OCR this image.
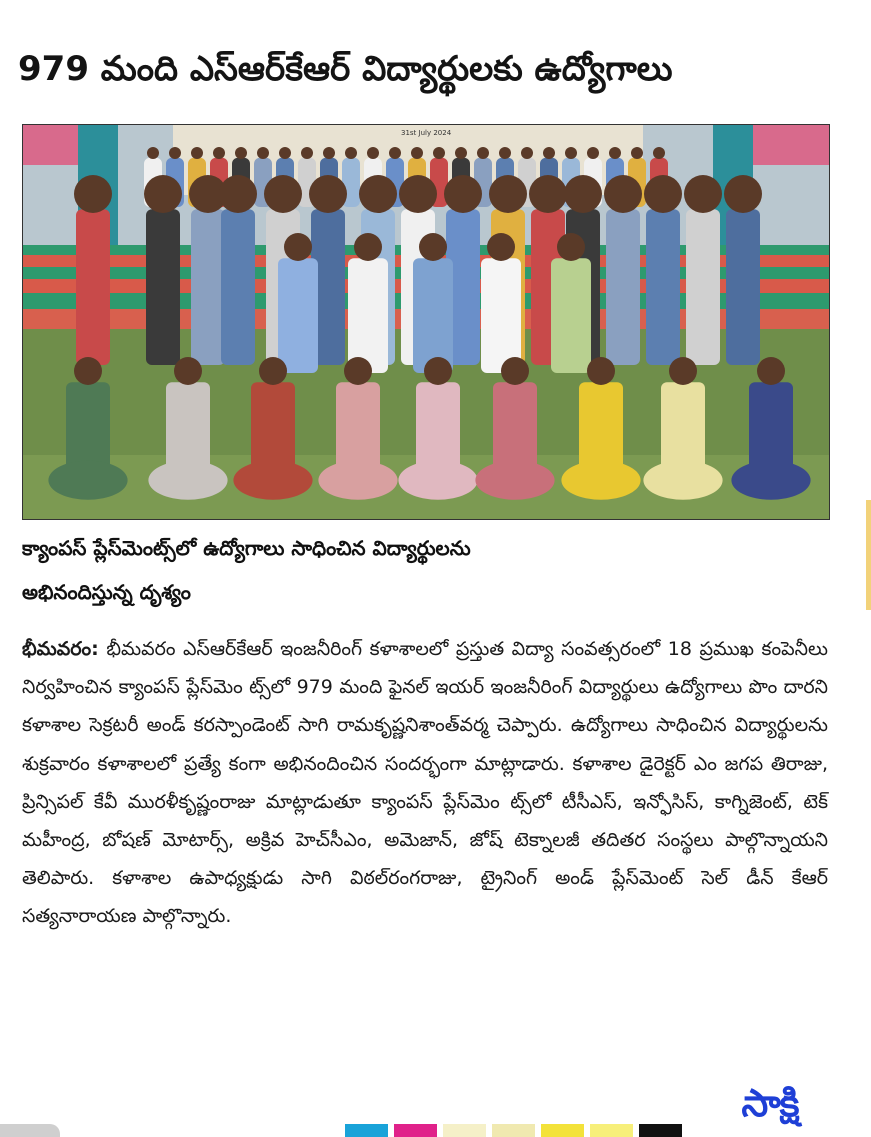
979 మంది ఎస్‌ఆర్‌కేఆర్ విద్యార్థులకు ఉద్యోగాలు
31st July 2024
క్యాంపస్ ప్లేస్‌మెంట్స్‌లో ఉద్యోగాలు సాధించిన విద్యార్థులను
అభినందిస్తున్న దృశ్యం

భీమవరం: భీమవరం ఎస్‌ఆర్‌కేఆర్ ఇంజనీరింగ్ కళాశాలలో ప్రస్తుత విద్యా సంవత్సరంలో 18 ప్రముఖ కంపెనీలు నిర్వహించిన క్యాంపస్ ప్లేస్‌మెం ట్స్‌లో 979 మంది ఫైనల్ ఇయర్ ఇంజనీరింగ్ విద్యార్థులు ఉద్యోగాలు పొం దారని కళాశాల సెక్రటరీ అండ్ కరస్పాండెంట్ సాగి రామకృష్ణనిశాంత్‌వర్మ చెప్పారు. ఉద్యోగాలు సాధించిన విద్యార్థులను శుక్రవారం కళాశాలలో ప్రత్యే కంగా అభినందించిన సందర్భంగా మాట్లాడారు. కళాశాల డైరెక్టర్ ఎం జగప తిరాజు, ప్రిన్సిపల్ కేవీ మురళీకృష్ణంరాజు మాట్లాడుతూ క్యాంపస్ ప్లేస్‌మెం ట్స్‌లో టీసీఎస్, ఇన్ఫోసిస్, కాగ్నిజెంట్, టెక్ మహీంద్ర, బోషణ్ మోటార్స్, అక్రివ హెచ్‌సీఎం, అమెజాన్, జోష్ టెక్నాలజీ తదితర సంస్థలు పాల్గొన్నాయని తెలిపారు. కళాశాల ఉపాధ్యక్షుడు సాగి విఠల్‌రంగరాజు, ట్రైనింగ్ అండ్ ప్లేస్‌మెంట్ సెల్ డీన్ కేఆర్ సత్యనారాయణ పాల్గొన్నారు.

సాక్షి
